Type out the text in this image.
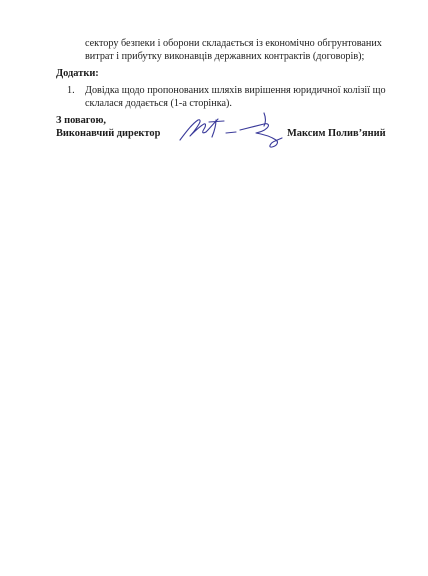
сектору безпеки і оборони складається із економічно обгрунтованих
витрат і прибутку виконавців державних контрактів (договорів);
Додатки:
1.	Довідка щодо пропонованих шляхів вирішення юридичної колізії що
склалася додається (1-а сторінка).
З повагою,
Виконавчий директор	Максим Полив’яний
